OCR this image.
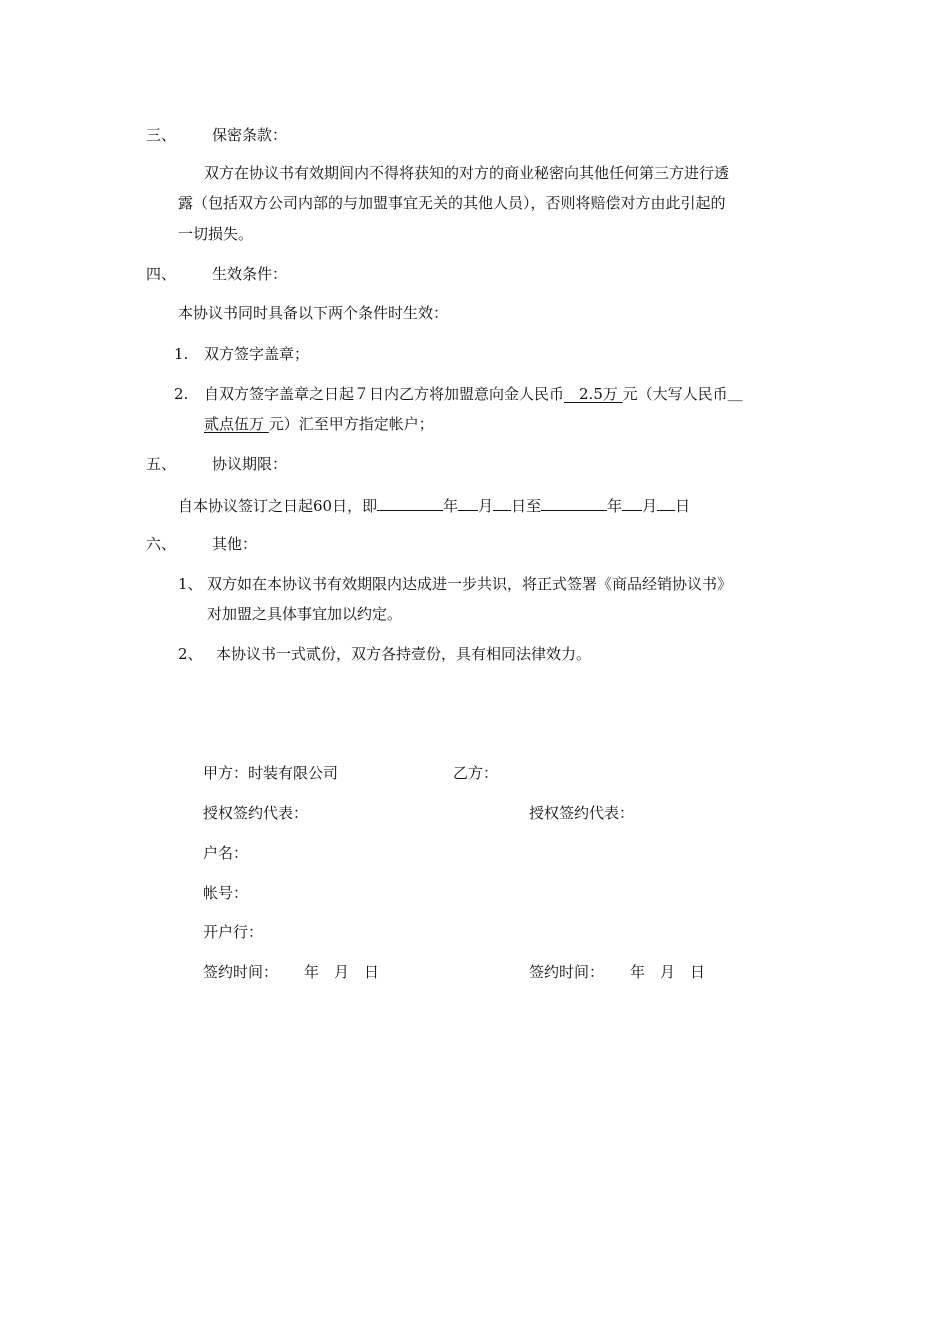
三、 保密条款：
双方在协议书有效期间内不得将获知的对方的商业秘密向其他任何第三方进行透
露（包括双方公司内部的与加盟事宜无关的其他人员），否则将赔偿对方由此引起的
一切损失。
四、 生效条件：
本协议书同时具备以下两个条件时生效：
1. 双方签字盖章；
2. 自双方签字盖章之日起７日内乙方将加盟意向金人民币　2.5万 元（大写人民币＿
贰点伍万 元）汇至甲方指定帐户；
五、 协议期限：
自本协议签订之日起60日，即	年 月 日至	年 月 日
六、 其他：
1、 双方如在本协议书有效期限内达成进一步共识，将正式签署《商品经销协议书》
对加盟之具体事宜加以约定。
2、 本协议书一式贰份，双方各持壹份，具有相同法律效力。
甲方：时装有限公司	乙方：
授权签约代表：	授权签约代表：
户名：
帐号：
开户行：
签约时间： 年　月　日	签约时间： 年　月　日
